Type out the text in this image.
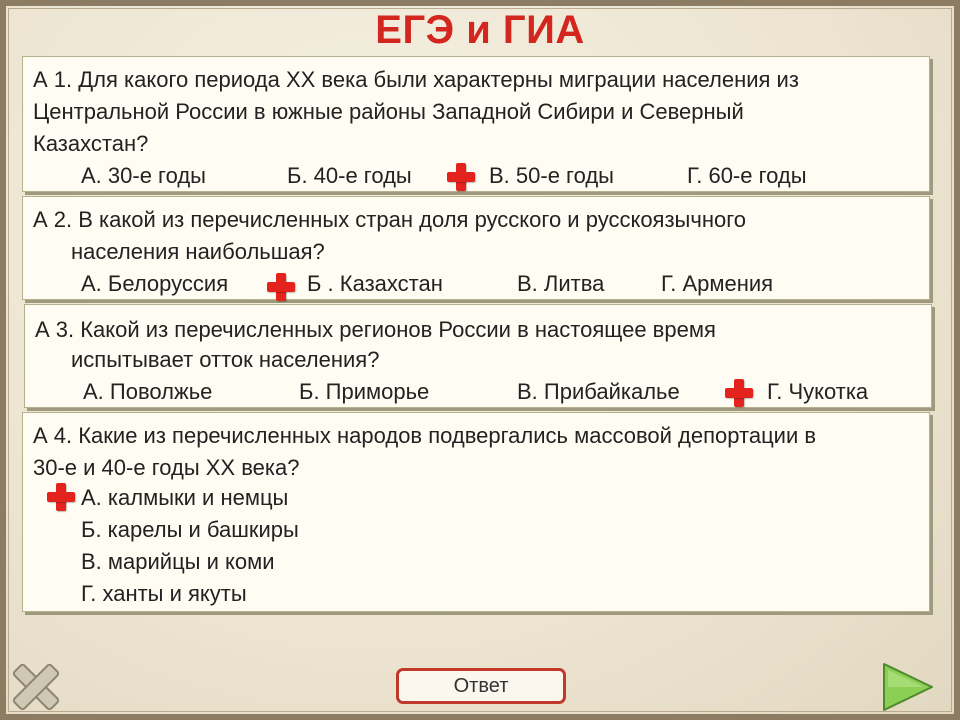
ЕГЭ и ГИА
А 1. Для какого периода XX века были характерны миграции населения из
Центральной России в южные районы Западной Сибири и Северный
Казахстан?
А. 30-е годы	Б. 40-е годы	В. 50-е годы	Г. 60-е годы
А 2. В какой из перечисленных стран доля русского и русскоязычного
населения наибольшая?
А. Белоруссия	Б . Казахстан	В. Литва	Г. Армения
А 3. Какой из перечисленных регионов России в настоящее время
испытывает отток населения?
А. Поволжье	Б. Приморье	В. Прибайкалье	Г. Чукотка
А 4. Какие из перечисленных народов подвергались массовой депортации в
30-е и 40-е годы XX века?
А. калмыки и немцы
Б. карелы и башкиры
В. марийцы и коми
Г. ханты и якуты
Ответ
